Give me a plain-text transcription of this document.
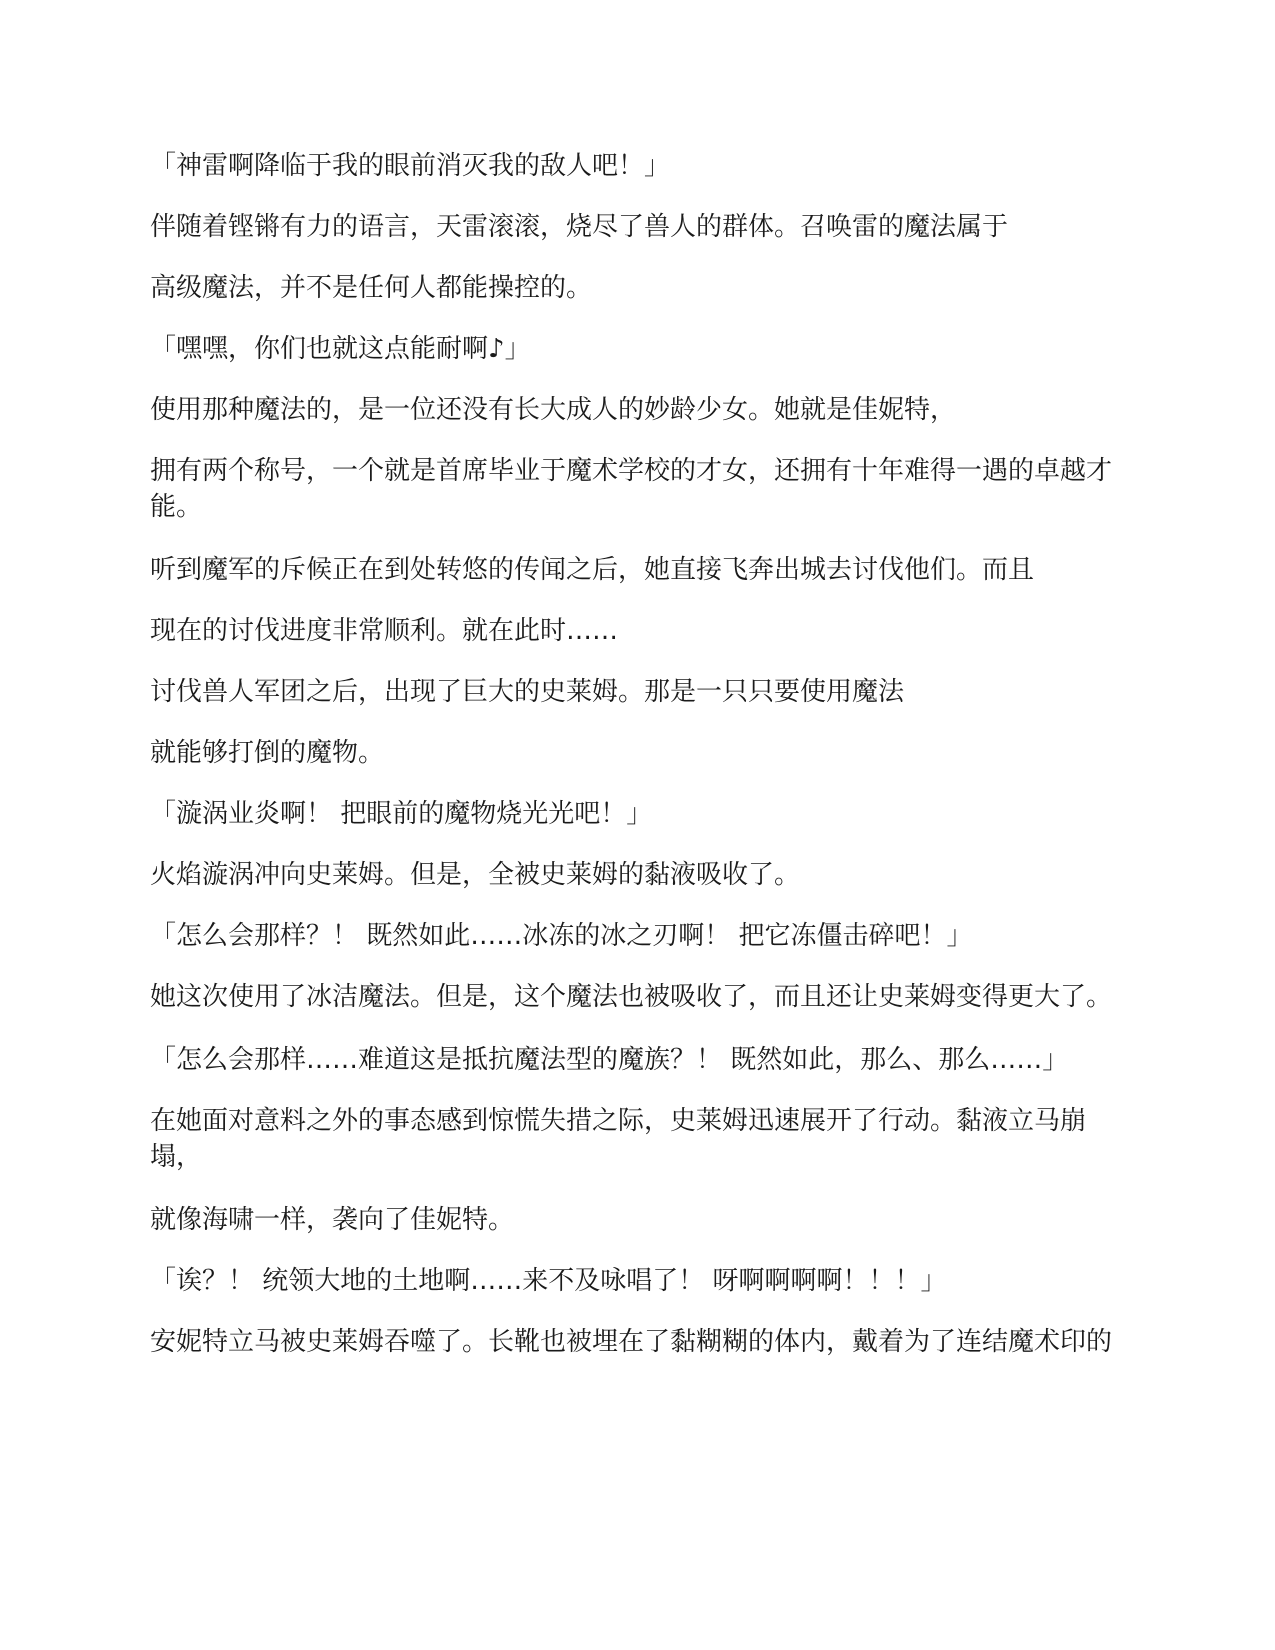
「神雷啊降临于我的眼前消灭我的敌人吧！」

伴随着铿锵有力的语言，天雷滚滚，烧尽了兽人的群体。召唤雷的魔法属于

高级魔法，并不是任何人都能操控的。

「嘿嘿，你们也就这点能耐啊♪」

使用那种魔法的，是一位还没有长大成人的妙龄少女。她就是佳妮特，

拥有两个称号，一个就是首席毕业于魔术学校的才女，还拥有十年难得一遇的卓越才能。

听到魔军的斥候正在到处转悠的传闻之后，她直接飞奔出城去讨伐他们。而且

现在的讨伐进度非常顺利。就在此时……

讨伐兽人军团之后，出现了巨大的史莱姆。那是一只只要使用魔法

就能够打倒的魔物。

「漩涡业炎啊！ 把眼前的魔物烧光光吧！」

火焰漩涡冲向史莱姆。但是，全被史莱姆的黏液吸收了。

「怎么会那样？！ 既然如此……冰冻的冰之刃啊！ 把它冻僵击碎吧！」

她这次使用了冰洁魔法。但是，这个魔法也被吸收了，而且还让史莱姆变得更大了。

「怎么会那样……难道这是抵抗魔法型的魔族？！ 既然如此，那么、那么……」

在她面对意料之外的事态感到惊慌失措之际，史莱姆迅速展开了行动。黏液立马崩塌，

就像海啸一样，袭向了佳妮特。

「诶？！ 统领大地的土地啊……来不及咏唱了！ 呀啊啊啊啊！！！」

安妮特立马被史莱姆吞噬了。长靴也被埋在了黏糊糊的体内，戴着为了连结魔术印的
